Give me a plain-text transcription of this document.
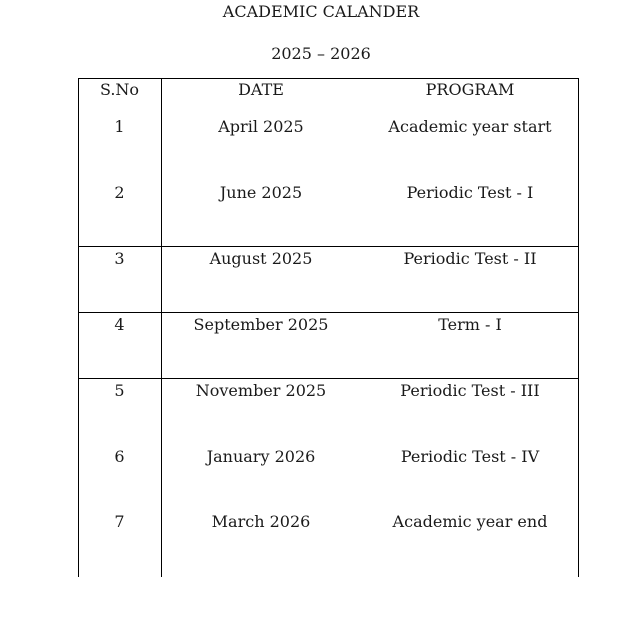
ACADEMIC CALANDER
2025 – 2026
S.No	DATE	PROGRAM
1	April 2025	Academic year start
2	June 2025	Periodic Test - I
3	August 2025	Periodic Test - II
4	September 2025	Term - I
5	November 2025	Periodic Test - III
6	January 2026	Periodic Test - IV
7	March 2026	Academic year end
